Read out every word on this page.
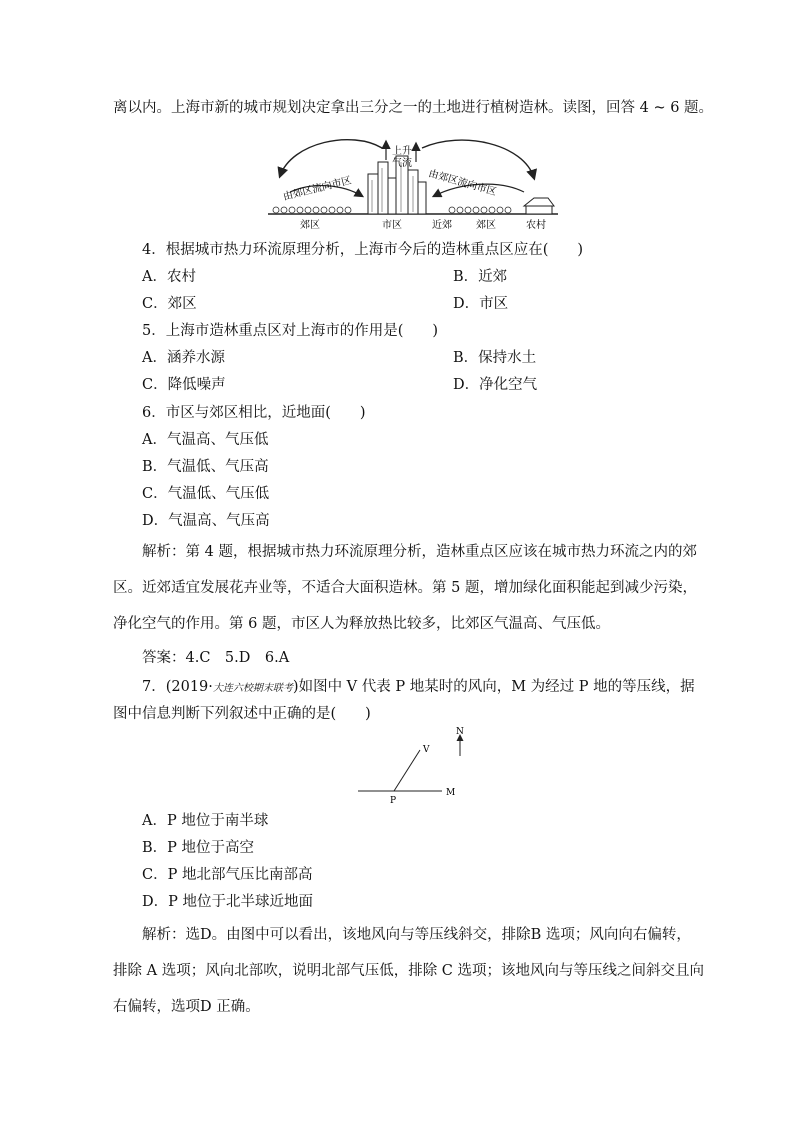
离以内。上海市新的城市规划决定拿出三分之一的土地进行植树造林。读图，回答 4 ~ 6 题。
上升
气流
由郊区流向市区	由郊区流向市区
郊区	市区	近郊 郊区	农村
4．根据城市热力环流原理分析，上海市今后的造林重点区应在(　　)
A．农村	B．近郊
C．郊区	D．市区
5．上海市造林重点区对上海市的作用是(　　)
A．涵养水源	B．保持水土
C．降低噪声	D．净化空气
6．市区与郊区相比，近地面(　　)
A．气温高、气压低
B．气温低、气压高
C．气温低、气压低
D．气温高、气压高
解析：第 4 题，根据城市热力环流原理分析，造林重点区应该在城市热力环流之内的郊
区。近郊适宜发展花卉业等，不适合大面积造林。第 5 题，增加绿化面积能起到减少污染，
净化空气的作用。第 6 题，市区人为释放热比较多，比郊区气温高、气压低。
答案：4.C　5.D　6.A
7．(2019·大连六校期末联考)如图中 V 代表 P 地某时的风向，M 为经过 P 地的等压线，据
图中信息判断下列叙述中正确的是(　　)
V
N
P
M
A．P 地位于南半球
B．P 地位于高空
C．P 地北部气压比南部高
D．P 地位于北半球近地面
解析：选D。由图中可以看出，该地风向与等压线斜交，排除B 选项；风向向右偏转，
排除 A 选项；风向北部吹，说明北部气压低，排除 C 选项；该地风向与等压线之间斜交且向
右偏转，选项D 正确。
